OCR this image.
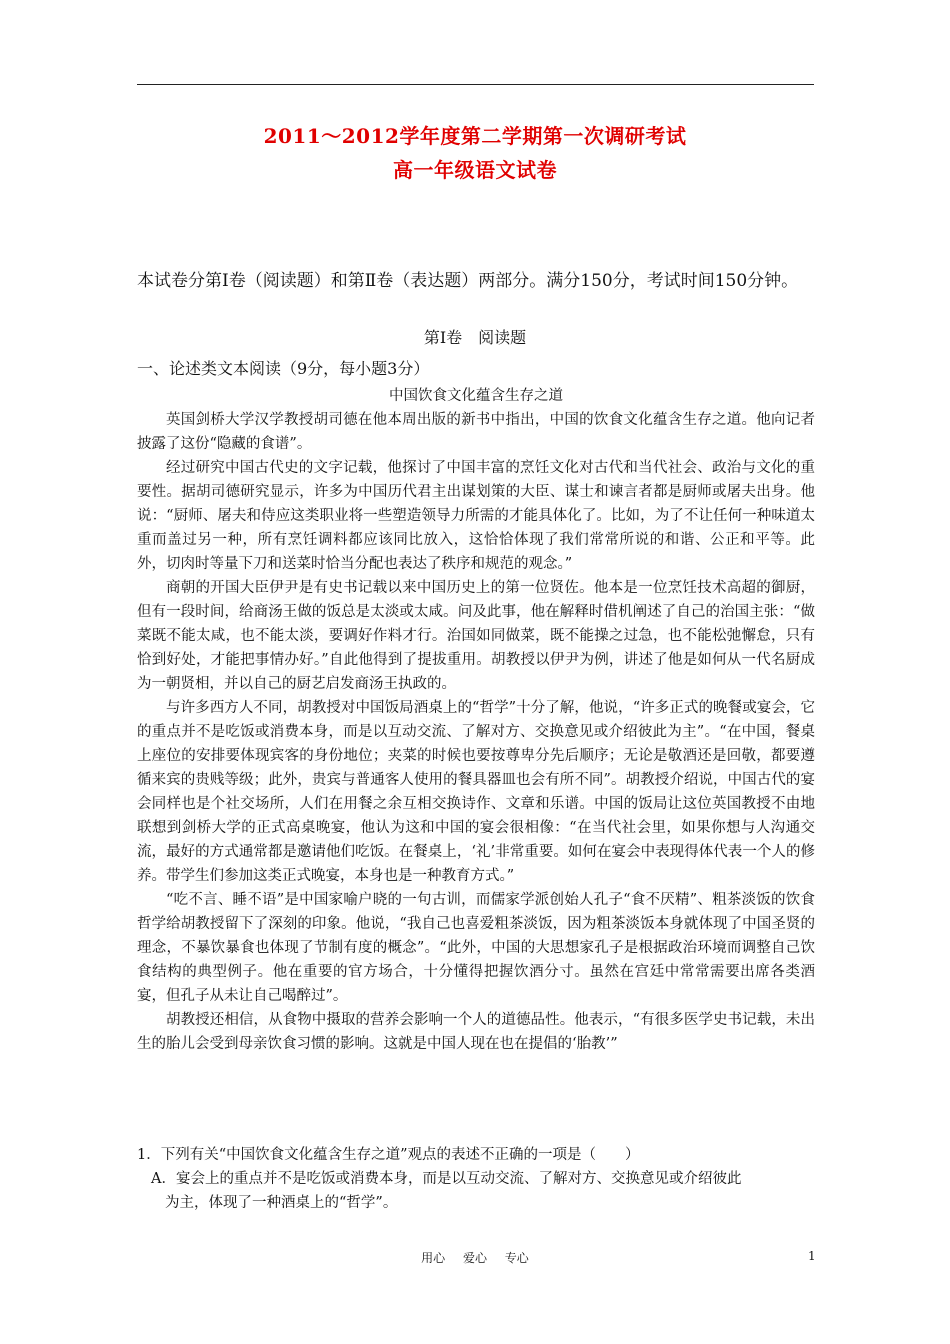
2011～2012学年度第二学期第一次调研考试
高一年级语文试卷
本试卷分第Ⅰ卷（阅读题）和第Ⅱ卷（表达题）两部分。满分150分，考试时间150分钟。
第Ⅰ卷　阅读题
一、论述类文本阅读（9分，每小题3分）

中国饮食文化蕴含生存之道

英国剑桥大学汉学教授胡司德在他本周出版的新书中指出，中国的饮食文化蕴含生存之道。他向记者披露了这份“隐藏的食谱”。

经过研究中国古代史的文字记载，他探讨了中国丰富的烹饪文化对古代和当代社会、政治与文化的重要性。据胡司德研究显示，许多为中国历代君主出谋划策的大臣、谋士和谏言者都是厨师或屠夫出身。他说：“厨师、屠夫和侍应这类职业将一些塑造领导力所需的才能具体化了。比如，为了不让任何一种味道太重而盖过另一种，所有烹饪调料都应该同比放入，这恰恰体现了我们常常所说的和谐、公正和平等。此外，切肉时等量下刀和送菜时恰当分配也表达了秩序和规范的观念。”

商朝的开国大臣伊尹是有史书记载以来中国历史上的第一位贤佐。他本是一位烹饪技术高超的御厨，但有一段时间，给商汤王做的饭总是太淡或太咸。问及此事，他在解释时借机阐述了自己的治国主张：“做菜既不能太咸，也不能太淡，要调好作料才行。治国如同做菜，既不能操之过急，也不能松弛懈怠，只有恰到好处，才能把事情办好。”自此他得到了提拔重用。胡教授以伊尹为例，讲述了他是如何从一代名厨成为一朝贤相，并以自己的厨艺启发商汤王执政的。

与许多西方人不同，胡教授对中国饭局酒桌上的“哲学”十分了解，他说，“许多正式的晚餐或宴会，它的重点并不是吃饭或消费本身，而是以互动交流、了解对方、交换意见或介绍彼此为主”。“在中国，餐桌上座位的安排要体现宾客的身份地位；夹菜的时候也要按尊卑分先后顺序；无论是敬酒还是回敬，都要遵循来宾的贵贱等级；此外，贵宾与普通客人使用的餐具器皿也会有所不同”。胡教授介绍说，中国古代的宴会同样也是个社交场所，人们在用餐之余互相交换诗作、文章和乐谱。中国的饭局让这位英国教授不由地联想到剑桥大学的正式高桌晚宴，他认为这和中国的宴会很相像：“在当代社会里，如果你想与人沟通交流，最好的方式通常都是邀请他们吃饭。在餐桌上，‘礼’非常重要。如何在宴会中表现得体代表一个人的修养。带学生们参加这类正式晚宴，本身也是一种教育方式。”

“吃不言、睡不语”是中国家喻户晓的一句古训，而儒家学派创始人孔子“食不厌精”、粗茶淡饭的饮食哲学给胡教授留下了深刻的印象。他说，“我自己也喜爱粗茶淡饭，因为粗茶淡饭本身就体现了中国圣贤的理念，不暴饮暴食也体现了节制有度的概念”。“此外，中国的大思想家孔子是根据政治环境而调整自己饮食结构的典型例子。他在重要的官方场合，十分懂得把握饮酒分寸。虽然在宫廷中常常需要出席各类酒宴，但孔子从未让自己喝醉过”。

胡教授还相信，从食物中摄取的营养会影响一个人的道德品性。他表示，“有很多医学史书记载，未出生的胎儿会受到母亲饮食习惯的影响。这就是中国人现在也在提倡的‘胎教’”

1．下列有关“中国饮食文化蕴含生存之道”观点的表述不正确的一项是（　　）

A．宴会上的重点并不是吃饭或消费本身，而是以互动交流、了解对方、交换意见或介绍彼此
为主，体现了一种酒桌上的“哲学”。

用心 爱心 专心	1
